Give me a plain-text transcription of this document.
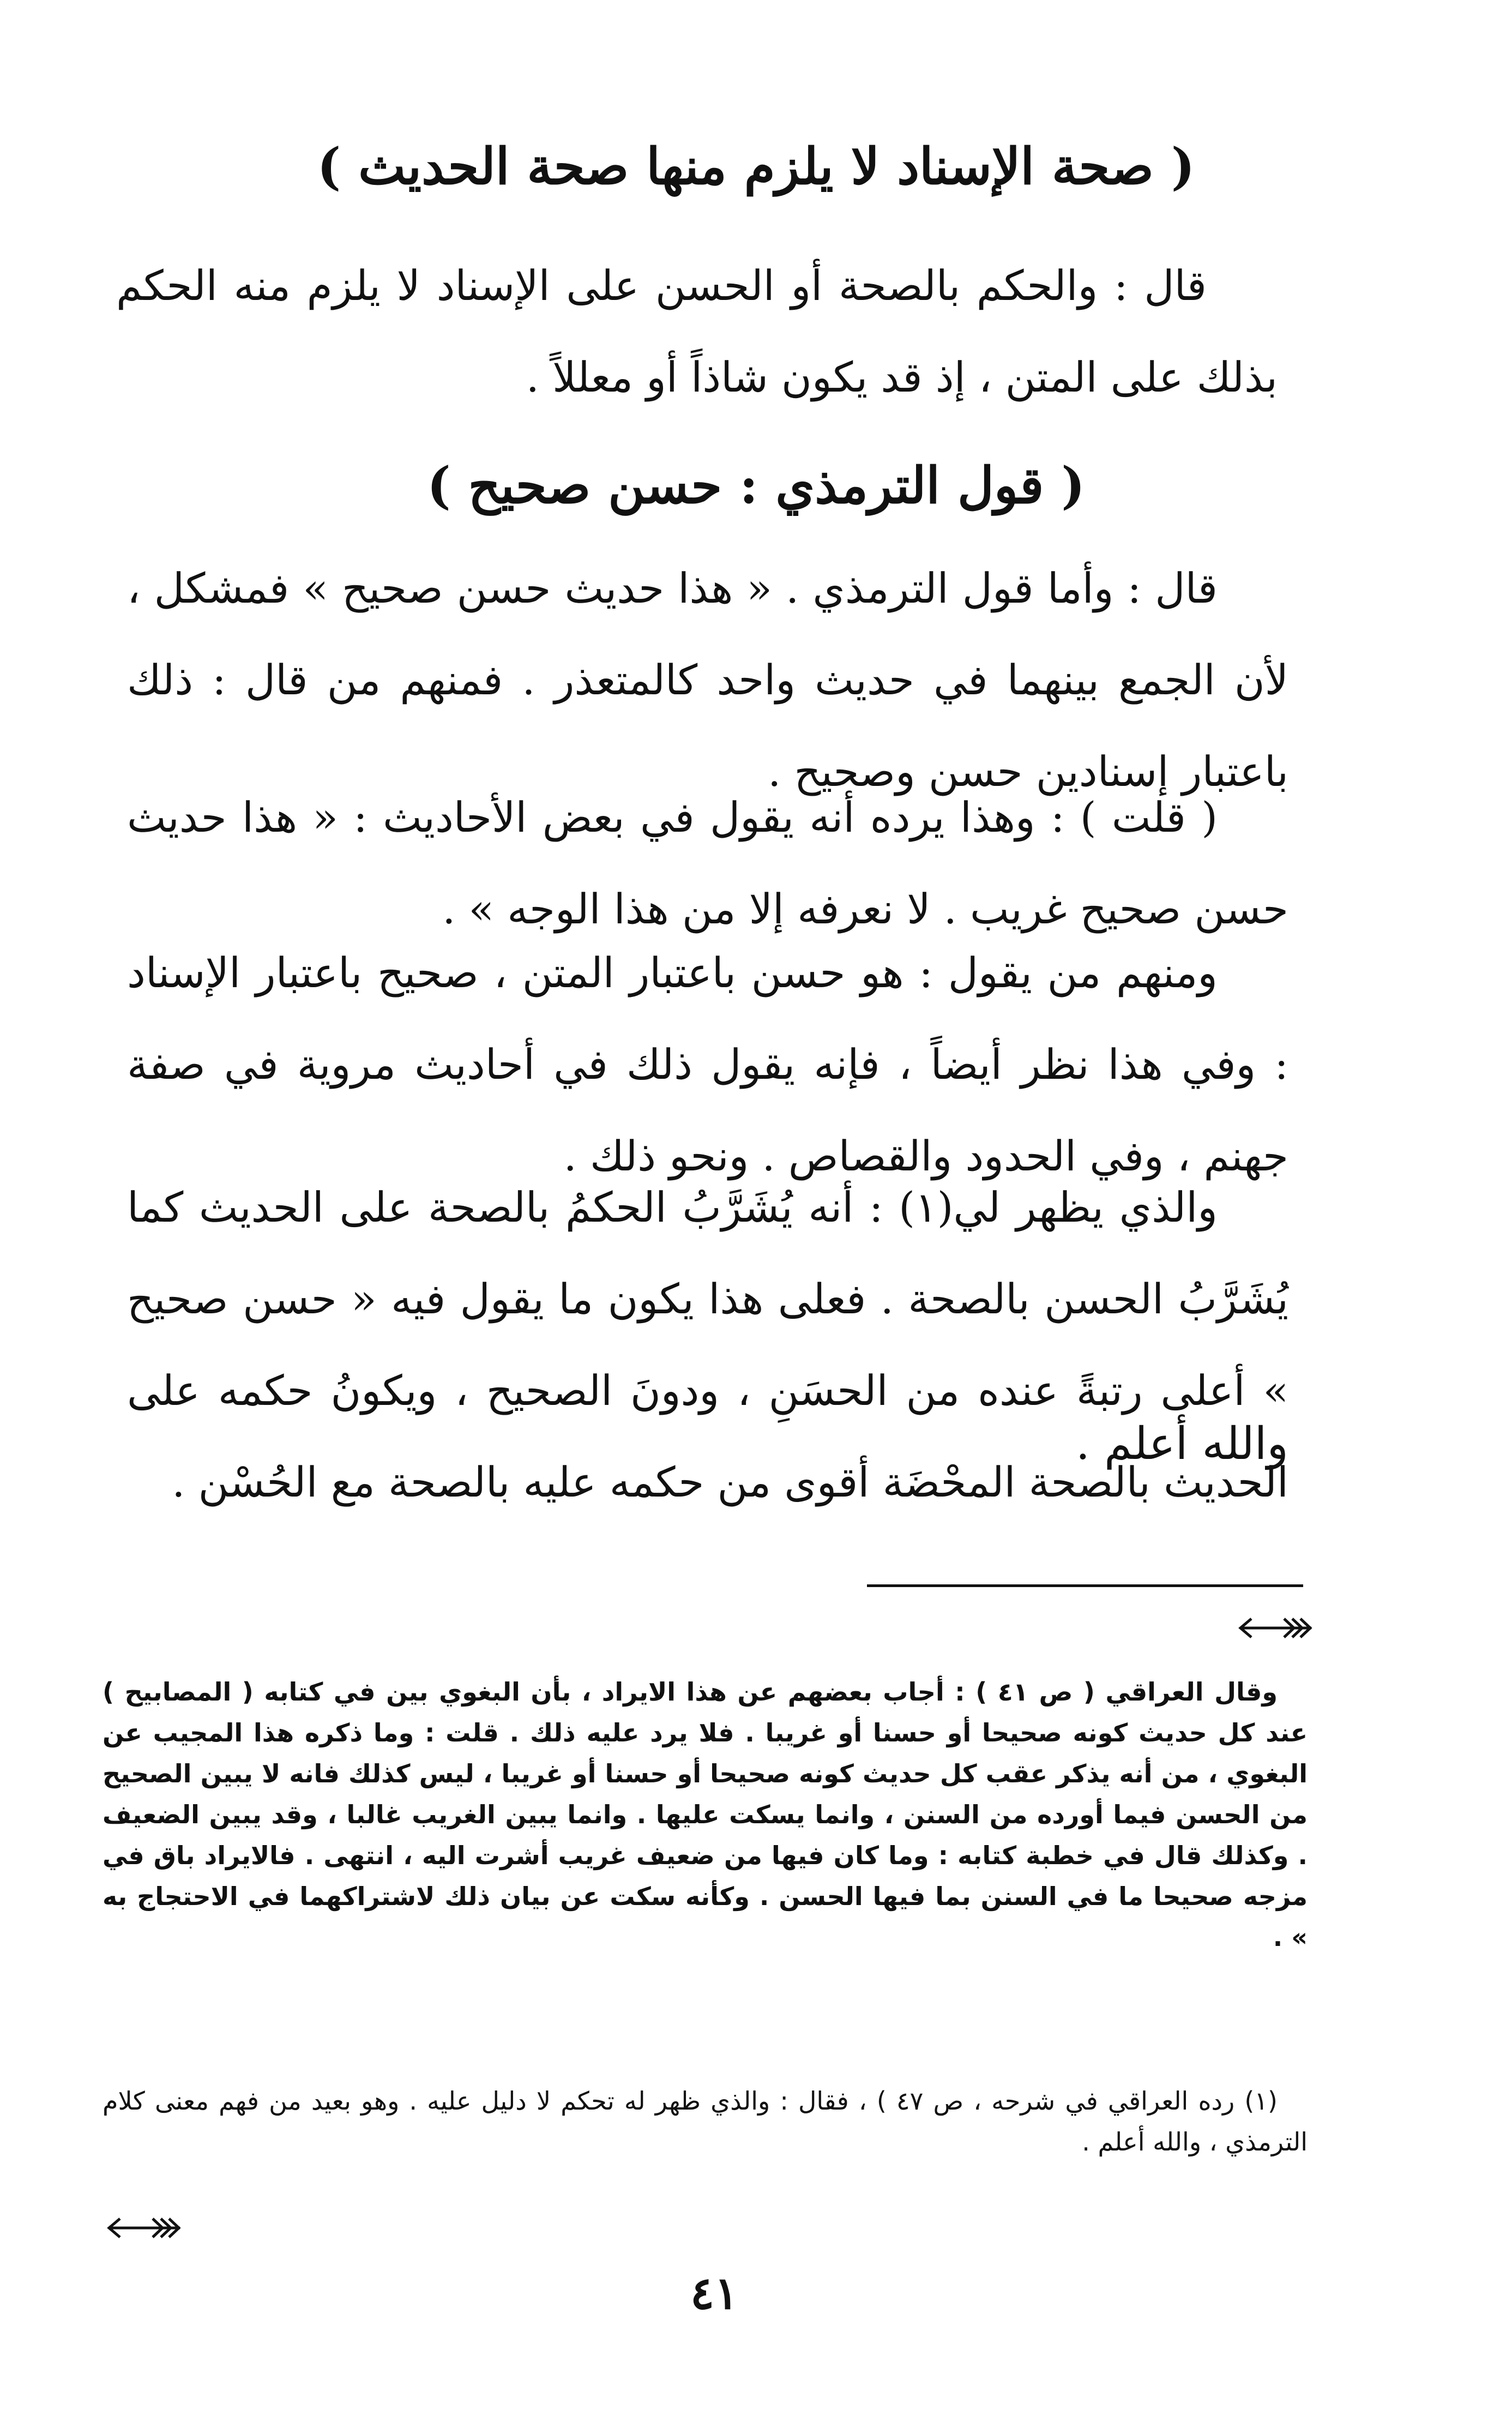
( صحة الإسناد لا يلزم منها صحة الحديث )

قال : والحكم بالصحة أو الحسن على الإسناد لا يلزم منه الحكم بذلك على المتن ، إذ قد يكون شاذاً أو معللاً .

( قول الترمذي : حسن صحيح )

قال : وأما قول الترمذي . « هذا حديث حسن صحيح » فمشكل ، لأن الجمع بينهما في حديث واحد كالمتعذر . فمنهم من قال : ذلك باعتبار إسنادين حسن وصحيح .

( قلت ) : وهذا يرده أنه يقول في بعض الأحاديث : « هذا حديث حسن صحيح غريب . لا نعرفه إلا من هذا الوجه » .

ومنهم من يقول : هو حسن باعتبار المتن ، صحيح باعتبار الإسناد : وفي هذا نظر أيضاً ، فإنه يقول ذلك في أحاديث مروية في صفة جهنم ، وفي الحدود والقصاص . ونحو ذلك .

والذي يظهر لي(١) : أنه يُشَرَّبُ الحكمُ بالصحة على الحديث كما يُشَرَّبُ الحسن بالصحة . فعلى هذا يكون ما يقول فيه « حسن صحيح » أعلى رتبةً عنده من الحسَنِ ، ودونَ الصحيح ، ويكونُ حكمه على الحديث بالصحة المحْضَة أقوى من حكمه عليه بالصحة مع الحُسْن .

والله أعلم .

وقال العراقي ( ص ٤١ ) : أجاب بعضهم عن هذا الايراد ، بأن البغوي بين في كتابه ( المصابيح ) عند كل حديث كونه صحيحا أو حسنا أو غريبا . فلا يرد عليه ذلك . قلت : وما ذكره هذا المجيب عن البغوي ، من أنه يذكر عقب كل حديث كونه صحيحا أو حسنا أو غريبا ، ليس كذلك فانه لا يبين الصحيح من الحسن فيما أورده من السنن ، وانما يسكت عليها . وانما يبين الغريب غالبا ، وقد يبين الضعيف . وكذلك قال في خطبة كتابه : وما كان فيها من ضعيف غريب أشرت اليه ، انتهى . فالايراد باق في مزجه صحيحا ما في السنن بما فيها الحسن . وكأنه سكت عن بيان ذلك لاشتراكهما في الاحتجاج به » .

(١) رده العراقي في شرحه ، ص ٤٧ ) ، فقال : والذي ظهر له تحكم لا دليل عليه . وهو بعيد من فهم معنى كلام الترمذي ، والله أعلم .

٤١
